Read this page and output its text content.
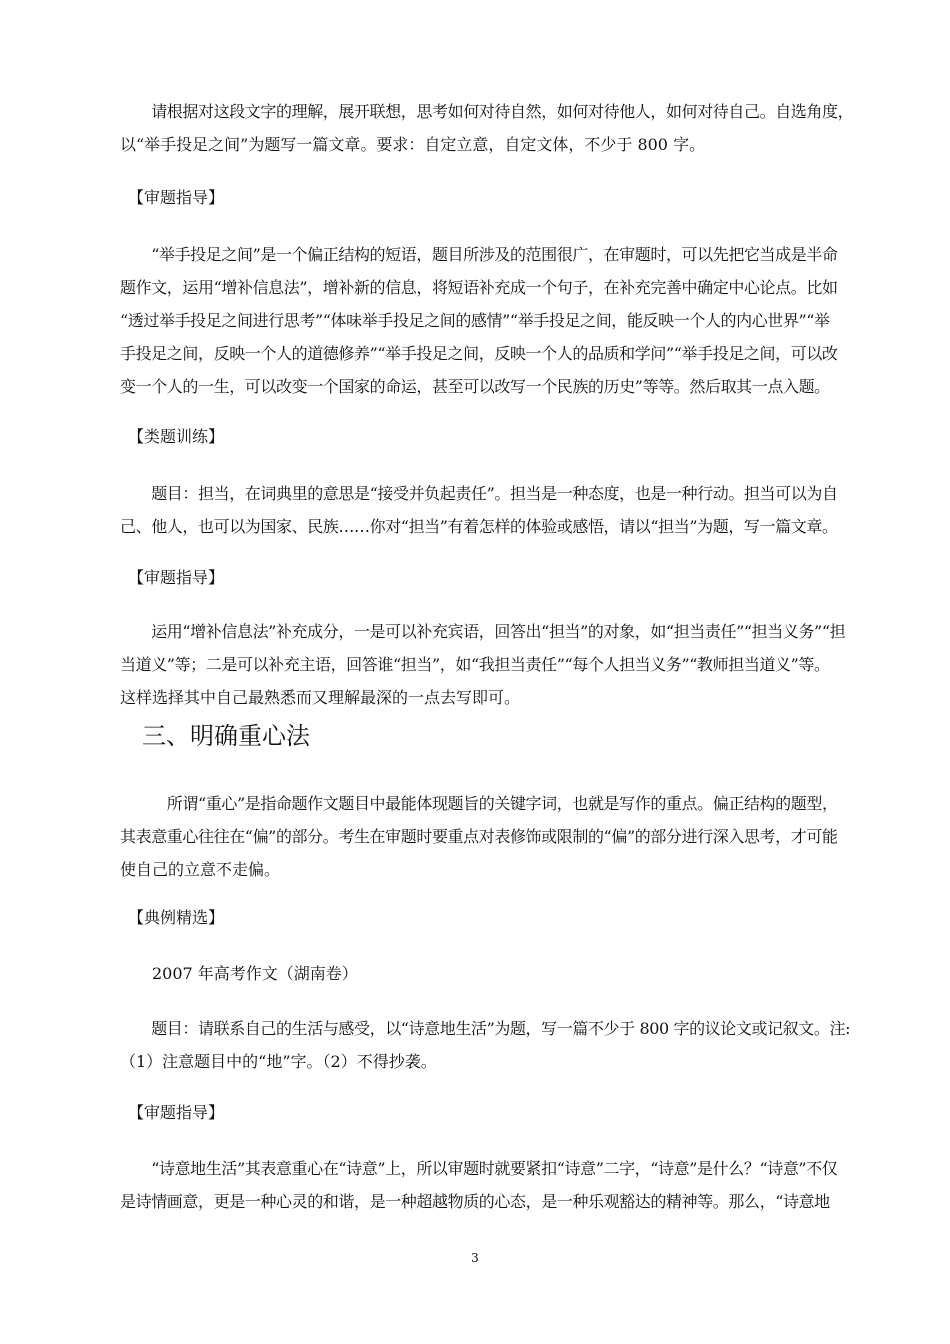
　　请根据对这段文字的理解，展开联想，思考如何对待自然，如何对待他人，如何对待自己。自选角度，
以“举手投足之间”为题写一篇文章。要求：自定立意，自定文体，不少于 800 字。
　【审题指导】
　　“举手投足之间”是一个偏正结构的短语，题目所涉及的范围很广，在审题时，可以先把它当成是半命
题作文，运用“增补信息法”，增补新的信息，将短语补充成一个句子，在补充完善中确定中心论点。比如
“透过举手投足之间进行思考”“体味举手投足之间的感情”“举手投足之间，能反映一个人的内心世界”“举
手投足之间，反映一个人的道德修养”“举手投足之间，反映一个人的品质和学问”“举手投足之间，可以改
变一个人的一生，可以改变一个国家的命运，甚至可以改写一个民族的历史”等等。然后取其一点入题。
　【类题训练】
　　题目：担当，在词典里的意思是“接受并负起责任”。担当是一种态度，也是一种行动。担当可以为自
己、他人，也可以为国家、民族……你对“担当”有着怎样的体验或感悟，请以“担当”为题，写一篇文章。
　【审题指导】
　　运用“增补信息法”补充成分，一是可以补充宾语，回答出“担当”的对象，如“担当责任”“担当义务”“担
当道义”等；二是可以补充主语，回答谁“担当”，如“我担当责任”“每个人担当义务”“教师担当道义”等。
这样选择其中自己最熟悉而又理解最深的一点去写即可。
三、明确重心法
　　　所谓“重心”是指命题作文题目中最能体现题旨的关键字词，也就是写作的重点。偏正结构的题型，
其表意重心往往在“偏”的部分。考生在审题时要重点对表修饰或限制的“偏”的部分进行深入思考，才可能
使自己的立意不走偏。
　【典例精选】
　　2007 年高考作文（湖南卷）
　　题目：请联系自己的生活与感受，以“诗意地生活”为题，写一篇不少于 800 字的议论文或记叙文。注:
（1）注意题目中的“地”字。（2）不得抄袭。
　【审题指导】
　　“诗意地生活”其表意重心在“诗意”上，所以审题时就要紧扣“诗意”二字，“诗意”是什么？“诗意”不仅
是诗情画意，更是一种心灵的和谐，是一种超越物质的心态，是一种乐观豁达的精神等。那么，“诗意地
3
